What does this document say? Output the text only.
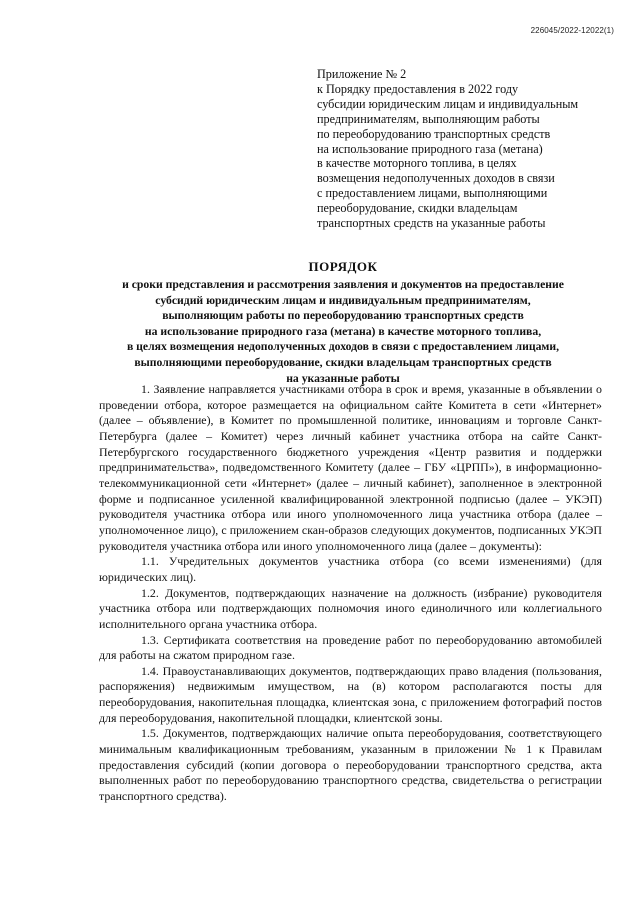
226045/2022-12022(1)
Приложение № 2
к Порядку предоставления в 2022 году
субсидии юридическим лицам и индивидуальным
предпринимателям, выполняющим работы
по переоборудованию транспортных средств
на использование природного газа (метана)
в качестве моторного топлива, в целях
возмещения недополученных доходов в связи
с предоставлением лицами, выполняющими
переоборудование, скидки владельцам
транспортных средств на указанные работы
ПОРЯДОК
и сроки представления и рассмотрения заявления и документов на предоставление
субсидий юридическим лицам и индивидуальным предпринимателям,
выполняющим работы по переоборудованию транспортных средств
на использование природного газа (метана) в качестве моторного топлива,
в целях возмещения недополученных доходов в связи с предоставлением лицами,
выполняющими переоборудование, скидки владельцам транспортных средств
на указанные работы

1. Заявление направляется участниками отбора в срок и время, указанные в объявлении о проведении отбора, которое размещается на официальном сайте Комитета в сети «Интернет» (далее – объявление), в Комитет по промышленной политике, инновациям и торговле Санкт-Петербурга (далее – Комитет) через личный кабинет участника отбора на сайте Санкт-Петербургского государственного бюджетного учреждения «Центр развития и поддержки предпринимательства», подведомственного Комитету (далее – ГБУ «ЦРПП»), в информационно-телекоммуникационной сети «Интернет» (далее – личный кабинет), заполненное в электронной форме и подписанное усиленной квалифицированной электронной подписью (далее – УКЭП) руководителя участника отбора или иного уполномоченного лица участника отбора (далее – уполномоченное лицо), с приложением скан-образов следующих документов, подписанных УКЭП руководителя участника отбора или иного уполномоченного лица (далее – документы):

1.1. Учредительных документов участника отбора (со всеми изменениями) (для юридических лиц).

1.2. Документов, подтверждающих назначение на должность (избрание) руководителя участника отбора или подтверждающих полномочия иного единоличного или коллегиального исполнительного органа участника отбора.

1.3. Сертификата соответствия на проведение работ по переоборудованию автомобилей для работы на сжатом природном газе.

1.4. Правоустанавливающих документов, подтверждающих право владения (пользования, распоряжения) недвижимым имуществом, на (в) котором располагаются посты для переоборудования, накопительная площадка, клиентская зона, с приложением фотографий постов для переоборудования, накопительной площадки, клиентской зоны.

1.5. Документов, подтверждающих наличие опыта переоборудования, соответствующего минимальным квалификационным требованиям, указанным в приложении № 1 к Правилам предоставления субсидий (копии договора о переоборудовании транспортного средства, акта выполненных работ по переоборудованию транспортного средства, свидетельства о регистрации транспортного средства).
